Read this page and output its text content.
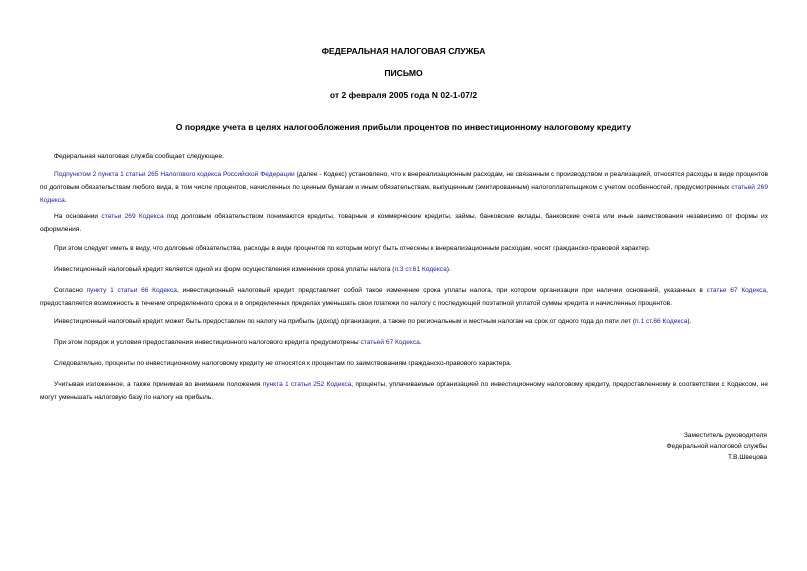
ФЕДЕРАЛЬНАЯ НАЛОГОВАЯ СЛУЖБА
ПИСЬМО
от 2 февраля 2005 года N 02-1-07/2
О порядке учета в целях налогообложения прибыли процентов по инвестиционному налоговому кредиту
Федеральная налоговая служба сообщает следующее.
Подпунктом 2 пункта 1 статьи 265 Налогового кодекса Российской Федерации (далее - Кодекс) установлено, что к внереализационным расходам, не связанным с производством и реализацией, относятся расходы в виде процентов по долговым обязательствам любого вида, в том числе процентов, начисленных по ценным бумагам и иным обязательствам, выпущенным (эмитированным) налогоплательщиком с учетом особенностей, предусмотренных статьей 269 Кодекса.
На основании статьи 269 Кодекса под долговым обязательством понимаются кредиты, товарные и коммерческие кредиты, займы, банковские вклады, банковские счета или иные заимствования независимо от формы их оформления.
При этом следует иметь в виду, что долговые обязательства, расходы в виде процентов по которым могут быть отнесены к внереализационным расходам, носят гражданско-правовой характер.
Инвестиционный налоговый кредит является одной из форм осуществления изменения срока уплаты налога (п.3 ст.61 Кодекса).
Согласно пункту 1 статьи 66 Кодекса, инвестиционный налоговый кредит представляет собой такое изменение срока уплаты налога, при котором организации при наличии оснований, указанных в статье 67 Кодекса, предоставляется возможность в течение определенного срока и в определенных пределах уменьшать свои платежи по налогу с последующей поэтапной уплатой суммы кредита и начисленных процентов.
Инвестиционный налоговый кредит может быть предоставлен по налогу на прибыль (доход) организации, а также по региональным и местным налогам на срок от одного года до пяти лет (п.1 ст.66 Кодекса).
При этом порядок и условия предоставления инвестиционного налогового кредита предусмотрены статьей 67 Кодекса.
Следовательно, проценты по инвестиционному налоговому кредиту не относятся к процентам по заимствованиям гражданско-правового характера.
Учитывая изложенное, а также принимая во внимание положения пункта 1 статьи 252 Кодекса, проценты, уплачиваемые организацией по инвестиционному налоговому кредиту, предоставленному в соответствии с Кодексом, не могут уменьшать налоговую базу по налогу на прибыль.
Заместитель руководителя
Федеральной налоговой службы
Т.В.Швецова
